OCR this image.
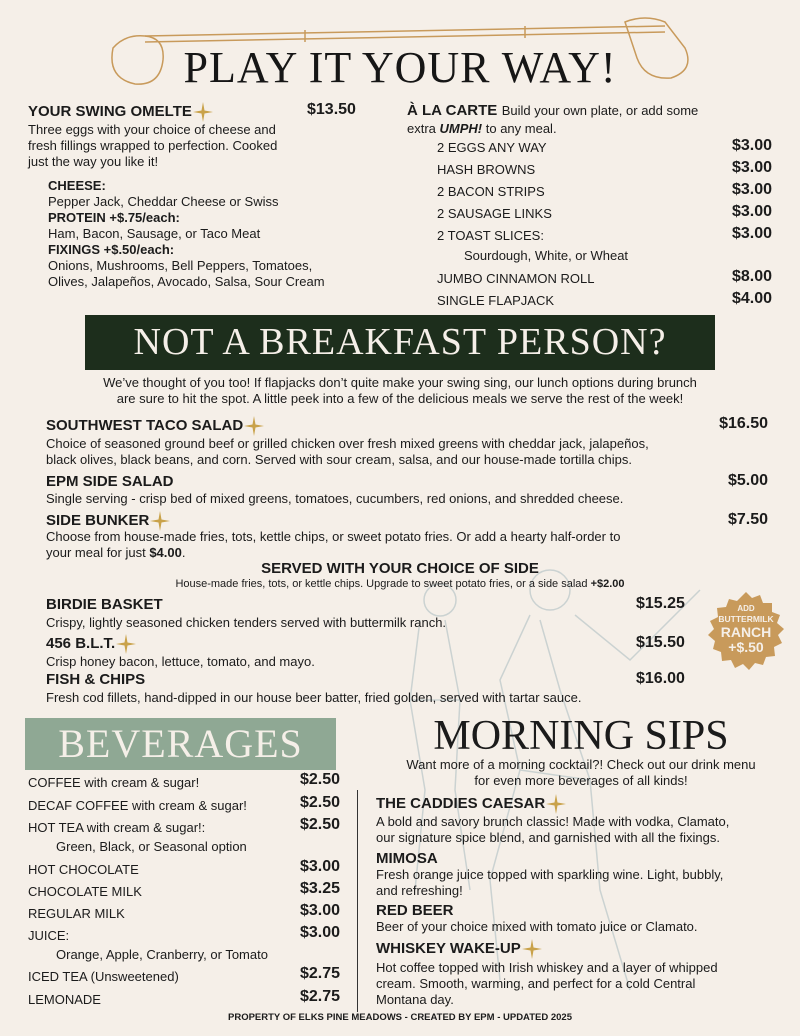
PLAY IT YOUR WAY!
YOUR SWING OMELTE	$13.50
Three eggs with your choice of cheese and
fresh fillings wrapped to perfection. Cooked
just the way you like it!
CHEESE:
Pepper Jack, Cheddar Cheese or Swiss
PROTEIN +$.75/each:
Ham, Bacon, Sausage, or Taco Meat
FIXINGS +$.50/each:
Onions, Mushrooms, Bell Peppers, Tomatoes,
Olives, Jalapeños, Avocado, Salsa, Sour Cream
À LA CARTE Build your own plate, or add some
extra UMPH! to any meal.
2 EGGS ANY WAY	$3.00
HASH BROWNS	$3.00
2 BACON STRIPS	$3.00
2 SAUSAGE LINKS	$3.00
2 TOAST SLICES:	$3.00
Sourdough, White, or Wheat
JUMBO CINNAMON ROLL	$8.00
SINGLE FLAPJACK	$4.00
NOT A BREAKFAST PERSON?
We’ve thought of you too! If flapjacks don’t quite make your swing sing, our lunch options during brunch
are sure to hit the spot. A little peek into a few of the delicious meals we serve the rest of the week!
SOUTHWEST TACO SALAD	$16.50
Choice of seasoned ground beef or grilled chicken over fresh mixed greens with cheddar jack, jalapeños,
black olives, black beans, and corn. Served with sour cream, salsa, and our house-made tortilla chips.
EPM SIDE SALAD	$5.00
Single serving - crisp bed of mixed greens, tomatoes, cucumbers, red onions, and shredded cheese.
SIDE BUNKER	$7.50
Choose from house-made fries, tots, kettle chips, or sweet potato fries. Or add a hearty half-order to
your meal for just $4.00.
SERVED WITH YOUR CHOICE OF SIDE
House-made fries, tots, or kettle chips. Upgrade to sweet potato fries, or a side salad +$2.00
BIRDIE BASKET	$15.25
Crispy, lightly seasoned chicken tenders served with buttermilk ranch.
456 B.L.T.	$15.50
Crisp honey bacon, lettuce, tomato, and mayo.
FISH & CHIPS	$16.00
Fresh cod fillets, hand-dipped in our house beer batter, fried golden, served with tartar sauce.
ADD
BUTTERMILK
RANCH
+$.50
BEVERAGES
COFFEE with cream & sugar!	$2.50
DECAF COFFEE with cream & sugar!	$2.50
HOT TEA with cream & sugar!:	$2.50
Green, Black, or Seasonal option
HOT CHOCOLATE	$3.00
CHOCOLATE MILK	$3.25
REGULAR MILK	$3.00
JUICE:	$3.00
Orange, Apple, Cranberry, or Tomato
ICED TEA (Unsweetened)	$2.75
LEMONADE	$2.75
MORNING SIPS
Want more of a morning cocktail?! Check out our drink menu
for even more beverages of all kinds!
THE CADDIES CAESAR
A bold and savory brunch classic! Made with vodka, Clamato,
our signature spice blend, and garnished with all the fixings.
MIMOSA
Fresh orange juice topped with sparkling wine. Light, bubbly,
and refreshing!
RED BEER
Beer of your choice mixed with tomato juice or Clamato.
WHISKEY WAKE-UP
Hot coffee topped with Irish whiskey and a layer of whipped
cream. Smooth, warming, and perfect for a cold Central
Montana day.
PROPERTY OF ELKS PINE MEADOWS - CREATED BY EPM - UPDATED 2025
